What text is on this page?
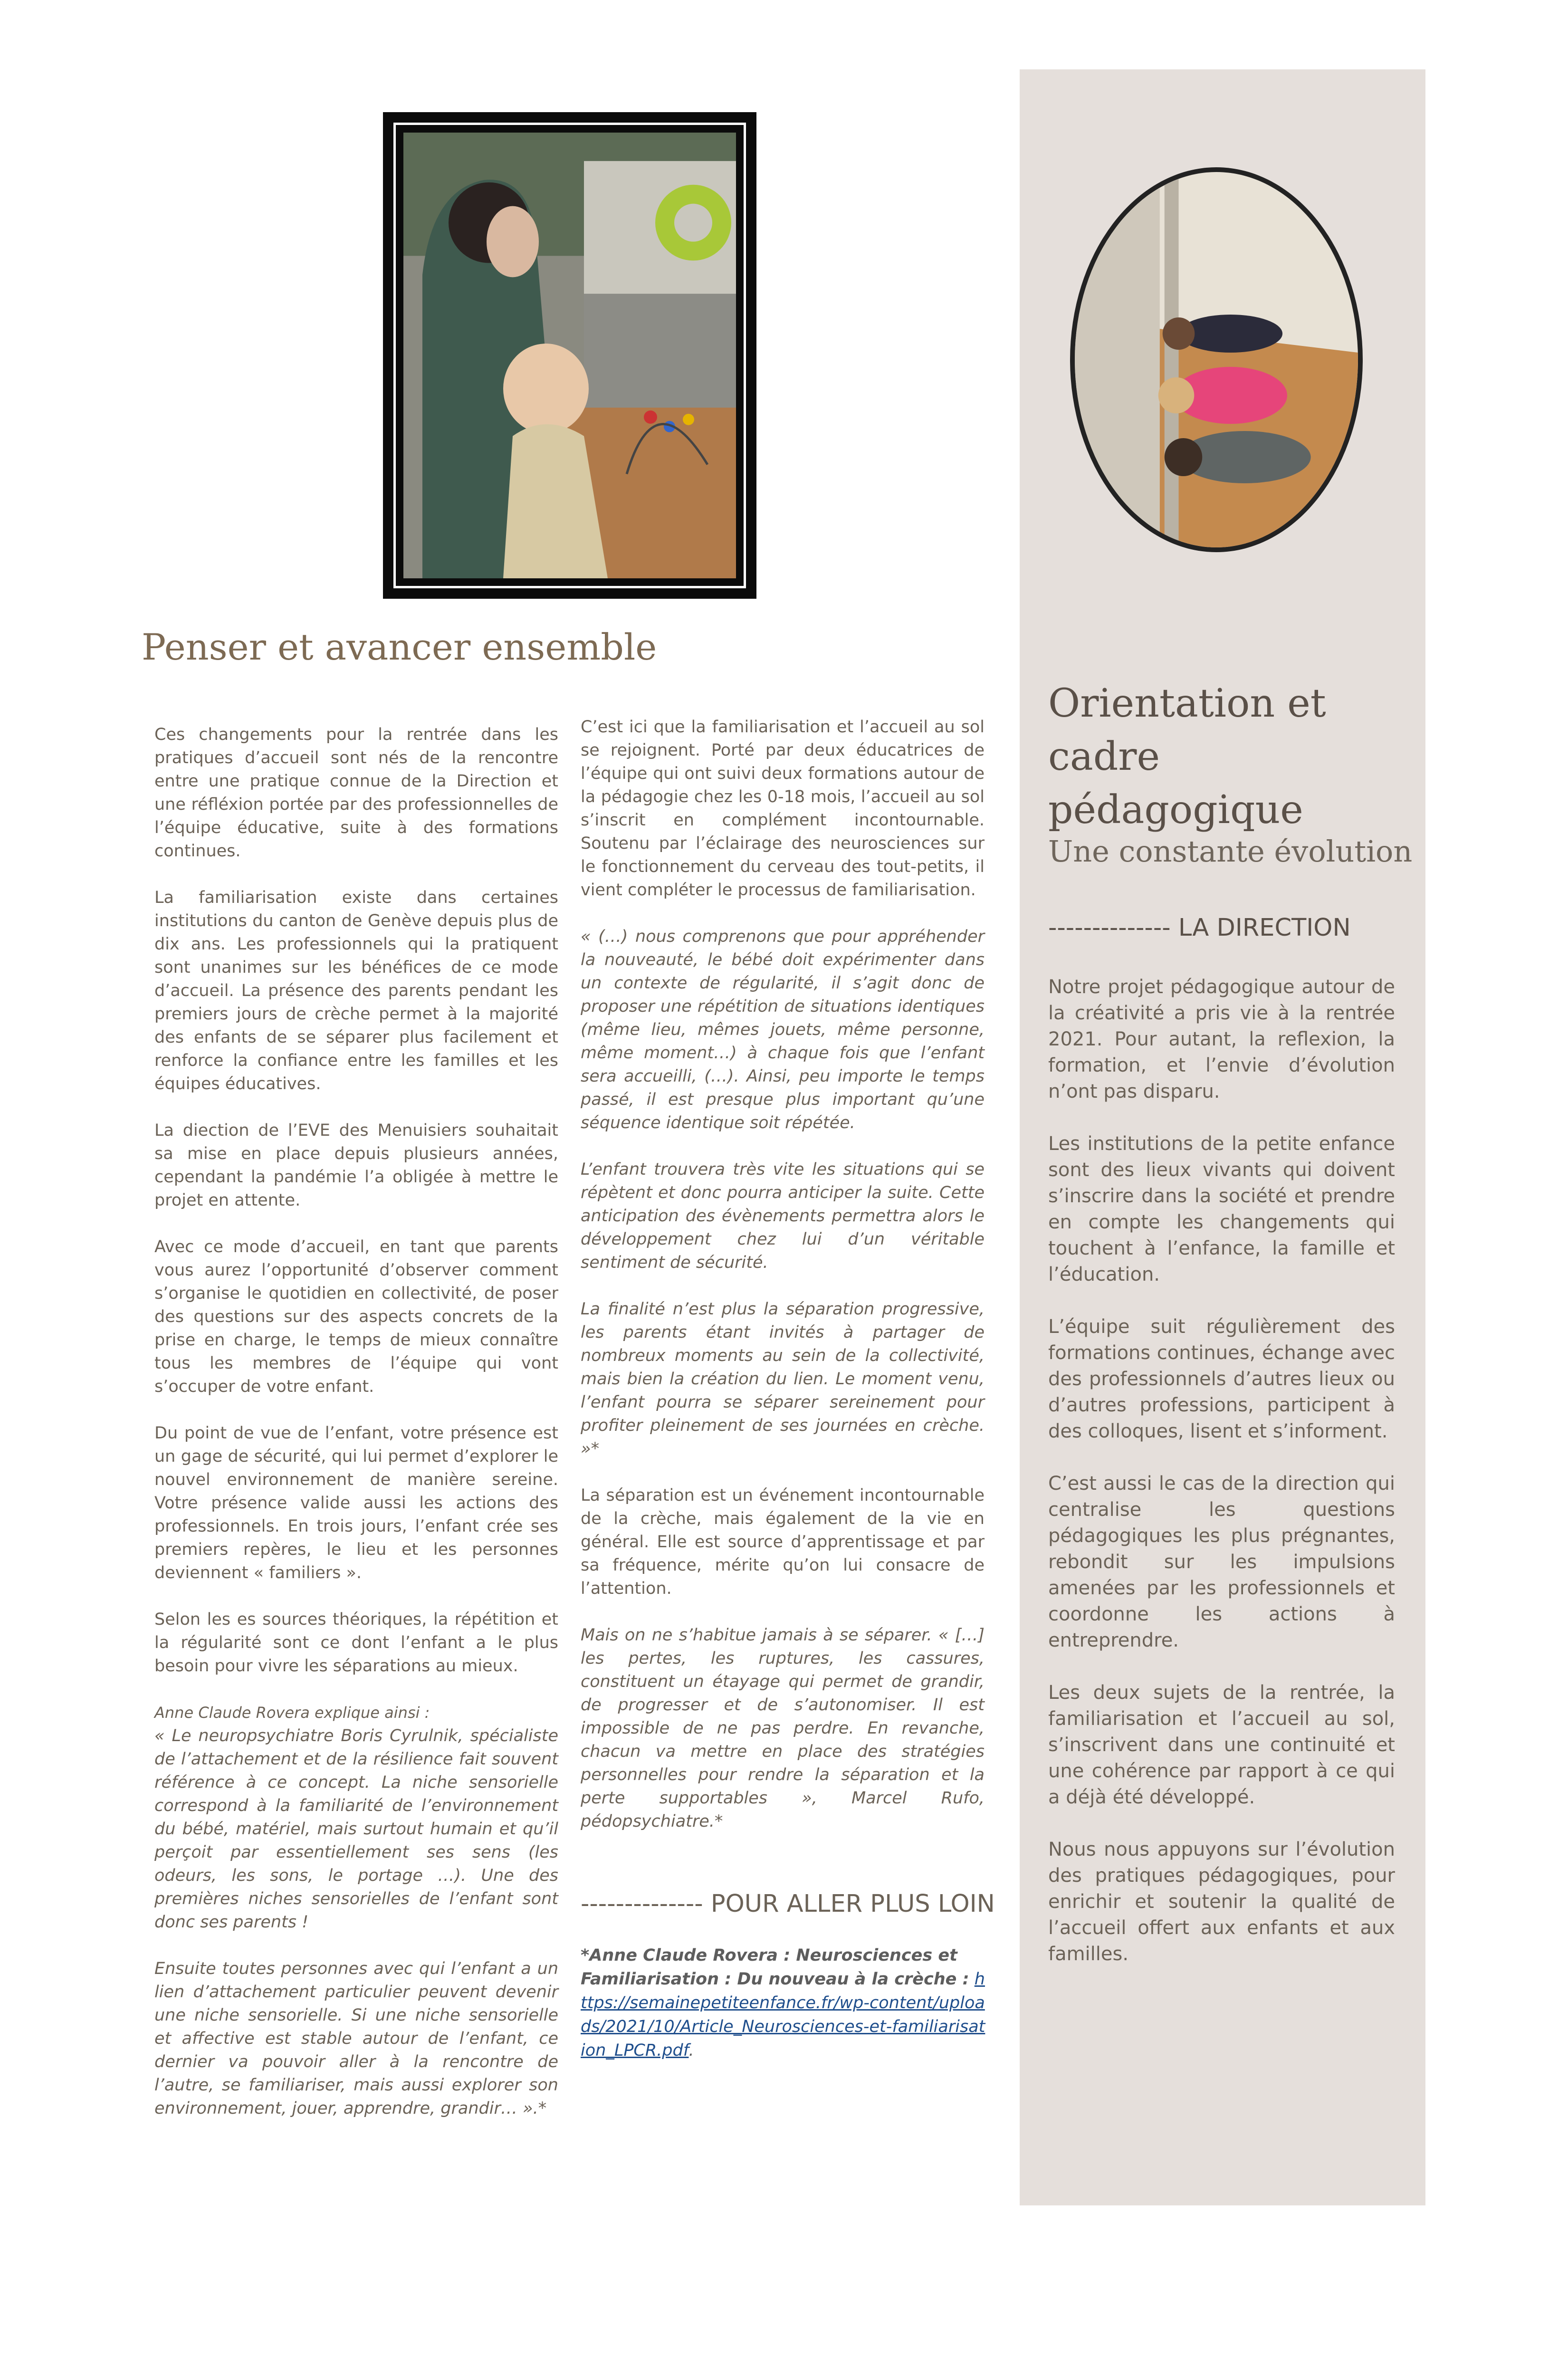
Penser et avancer ensemble

Ces changements pour la rentrée dans les pratiques d’accueil sont nés de la rencontre entre une pratique connue de la Direction et une réfléxion portée par des professionnelles de l’équipe éducative, suite à des formations continues.

La familiarisation existe dans certaines institutions du canton de Genève depuis plus de dix ans. Les professionnels qui la pratiquent sont unanimes sur les bénéfices de ce mode d’accueil. La présence des parents pendant les premiers jours de crèche permet à la majorité des enfants de se séparer plus facilement et renforce la confiance entre les familles et les équipes éducatives.

La diection de l’EVE des Menuisiers souhaitait sa mise en place depuis plusieurs années, cependant la pandémie l’a obligée à mettre le projet en attente.

Avec ce mode d’accueil, en tant que parents vous aurez l’opportunité d’observer comment s’organise le quotidien en collectivité, de poser des questions sur des aspects concrets de la prise en charge, le temps de mieux connaître tous les membres de l’équipe qui vont s’occuper de votre enfant.

Du point de vue de l’enfant, votre présence est un gage de sécurité, qui lui permet d’explorer le nouvel environnement de manière sereine. Votre présence valide aussi les actions des professionnels. En trois jours, l’enfant crée ses premiers repères, le lieu et les personnes deviennent « familiers ».

Selon les es sources théoriques, la répétition et la régularité sont ce dont l’enfant a le plus besoin pour vivre les séparations au mieux.

Anne Claude Rovera explique ainsi :

« Le neuropsychiatre Boris Cyrulnik, spécialiste de l’attachement et de la résilience fait souvent référence à ce concept. La niche sensorielle correspond à la familiarité de l’environnement du bébé, matériel, mais surtout humain et qu’il perçoit par essentiellement ses sens (les odeurs, les sons, le portage …). Une des premières niches sensorielles de l’enfant sont donc ses parents !

Ensuite toutes personnes avec qui l’enfant a un lien d’attachement particulier peuvent devenir une niche sensorielle. Si une niche sensorielle et affective est stable autour de l’enfant, ce dernier va pouvoir aller à la rencontre de l’autre, se familiariser, mais aussi explorer son environnement, jouer, apprendre, grandir… ».*

C’est ici que la familiarisation et l’accueil au sol se rejoignent. Porté par deux éducatrices de l’équipe qui ont suivi deux formations autour de la pédagogie chez les 0-18 mois, l’accueil au sol s’inscrit en complément incontournable. Soutenu par l’éclairage des neurosciences sur le fonctionnement du cerveau des tout-petits, il vient compléter le processus de familiarisation.

« (…) nous comprenons que pour appréhender la nouveauté, le bébé doit expérimenter dans un contexte de régularité, il s’agit donc de proposer une répétition de situations identiques (même lieu, mêmes jouets, même personne, même moment…) à chaque fois que l’enfant sera accueilli, (…). Ainsi, peu importe le temps passé, il est presque plus important qu’une séquence identique soit répétée.

L’enfant trouvera très vite les situations qui se répètent et donc pourra anticiper la suite. Cette anticipation des évènements permettra alors le développement chez lui d’un véritable sentiment de sécurité.

La finalité n’est plus la séparation progressive, les parents étant invités à partager de nombreux moments au sein de la collectivité, mais bien la création du lien. Le moment venu, l’enfant pourra se séparer sereinement pour profiter pleinement de ses journées en crèche. »*

La séparation est un événement incontournable de la crèche, mais également de la vie en général. Elle est source d’apprentissage et par sa fréquence, mérite qu’on lui consacre de l’attention.

Mais on ne s’habitue jamais à se séparer. « […] les pertes, les ruptures, les cassures, constituent un étayage qui permet de grandir, de progresser et de s’autonomiser. Il est impossible de ne pas perdre. En revanche, chacun va mettre en place des stratégies personnelles pour rendre la séparation et la perte supportables », Marcel Rufo, pédopsychiatre.*

-------------- POUR ALLER PLUS LOIN
*Anne Claude Rovera : Neurosciences et Familiarisation : Du nouveau à la crèche : https://semainepetiteenfance.fr/wp-content/uploads/2021/10/Article_Neurosciences-et-familiarisation_LPCR.pdf.
Orientation et cadre pédagogique
Une constante évolution
-------------- LA DIRECTION

Notre projet pédagogique autour de la créativité a pris vie à la rentrée 2021. Pour autant, la reflexion, la formation, et l’envie d’évolution n’ont pas disparu.

Les institutions de la petite enfance sont des lieux vivants qui doivent s’inscrire dans la société et prendre en compte les changements qui touchent à l’enfance, la famille et l’éducation.

L’équipe suit régulièrement des formations continues, échange avec des professionnels d’autres lieux ou d’autres professions, participent à des colloques, lisent et s’informent.

C’est aussi le cas de la direction qui centralise les questions pédagogiques les plus prégnantes, rebondit sur les impulsions amenées par les professionnels et coordonne les actions à entreprendre.

Les deux sujets de la rentrée, la familiarisation et l’accueil au sol, s’inscrivent dans une continuité et une cohérence par rapport à ce qui a déjà été développé.

Nous nous appuyons sur l’évolution des pratiques pédagogiques, pour enrichir et soutenir la qualité de l’accueil offert aux enfants et aux familles.
